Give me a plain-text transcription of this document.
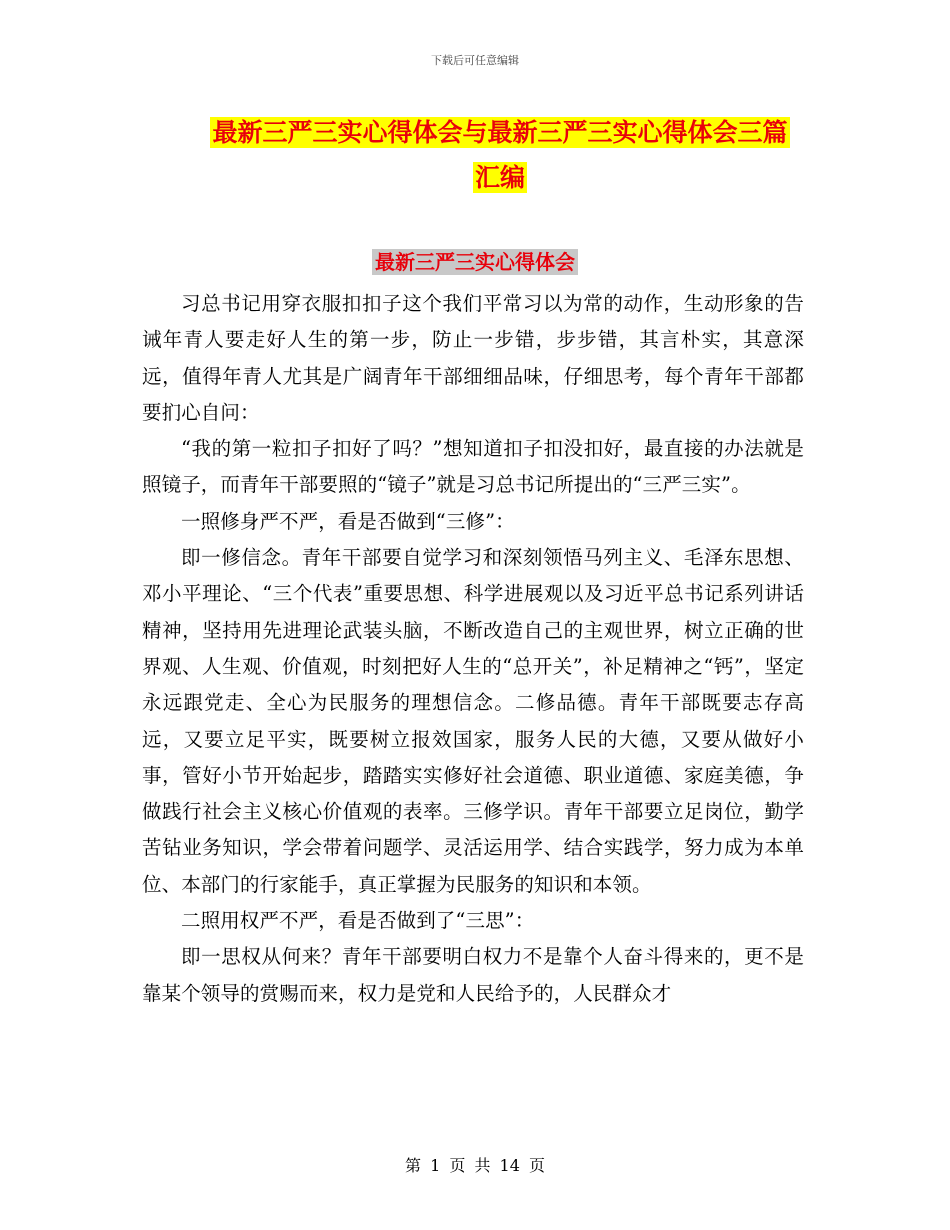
下载后可任意编辑
最新三严三实心得体会与最新三严三实心得体会三篇
汇编
最新三严三实心得体会

习总书记用穿衣服扣扣子这个我们平常习以为常的动作，生动形象的告诫年青人要走好人生的第一步，防止一步错，步步错，其言朴实，其意深远，值得年青人尤其是广阔青年干部细细品味，仔细思考，每个青年干部都要扪心自问：

“我的第一粒扣子扣好了吗？”想知道扣子扣没扣好，最直接的办法就是照镜子，而青年干部要照的“镜子”就是习总书记所提出的“三严三实”。

一照修身严不严，看是否做到“三修”：

即一修信念。青年干部要自觉学习和深刻领悟马列主义、毛泽东思想、邓小平理论、“三个代表”重要思想、科学进展观以及习近平总书记系列讲话精神，坚持用先进理论武装头脑，不断改造自己的主观世界，树立正确的世界观、人生观、价值观，时刻把好人生的“总开关”，补足精神之“钙”，坚定永远跟党走、全心为民服务的理想信念。二修品德。青年干部既要志存高远，又要立足平实，既要树立报效国家，服务人民的大德，又要从做好小事，管好小节开始起步，踏踏实实修好社会道德、职业道德、家庭美德，争做践行社会主义核心价值观的表率。三修学识。青年干部要立足岗位，勤学苦钻业务知识，学会带着问题学、灵活运用学、结合实践学，努力成为本单位、本部门的行家能手，真正掌握为民服务的知识和本领。

二照用权严不严，看是否做到了“三思”：

即一思权从何来？青年干部要明白权力不是靠个人奋斗得来的，更不是靠某个领导的赏赐而来，权力是党和人民给予的，人民群众才

第 1 页 共 14 页
